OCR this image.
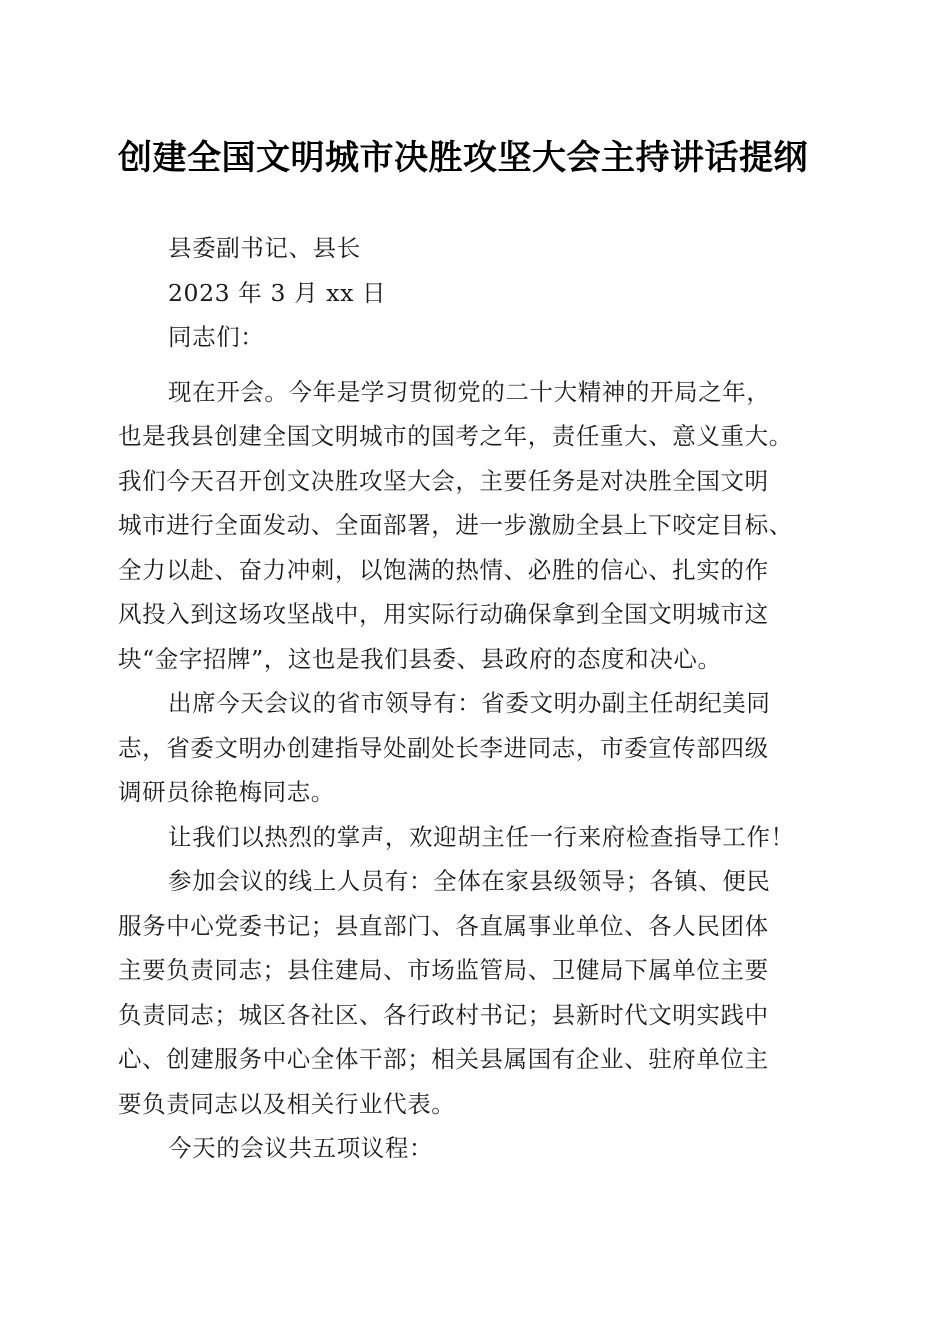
创建全国文明城市决胜攻坚大会主持讲话提纲
县委副书记、县长
2023 年 3 月 xx 日
同志们：
现在开会。今年是学习贯彻党的二十大精神的开局之年，
也是我县创建全国文明城市的国考之年，责任重大、意义重大。
我们今天召开创文决胜攻坚大会，主要任务是对决胜全国文明
城市进行全面发动、全面部署，进一步激励全县上下咬定目标、
全力以赴、奋力冲刺，以饱满的热情、必胜的信心、扎实的作
风投入到这场攻坚战中，用实际行动确保拿到全国文明城市这
块“金字招牌”，这也是我们县委、县政府的态度和决心。
出席今天会议的省市领导有：省委文明办副主任胡纪美同
志，省委文明办创建指导处副处长李进同志，市委宣传部四级
调研员徐艳梅同志。
让我们以热烈的掌声，欢迎胡主任一行来府检查指导工作！
参加会议的线上人员有：全体在家县级领导；各镇、便民
服务中心党委书记；县直部门、各直属事业单位、各人民团体
主要负责同志；县住建局、市场监管局、卫健局下属单位主要
负责同志；城区各社区、各行政村书记；县新时代文明实践中
心、创建服务中心全体干部；相关县属国有企业、驻府单位主
要负责同志以及相关行业代表。
今天的会议共五项议程：
